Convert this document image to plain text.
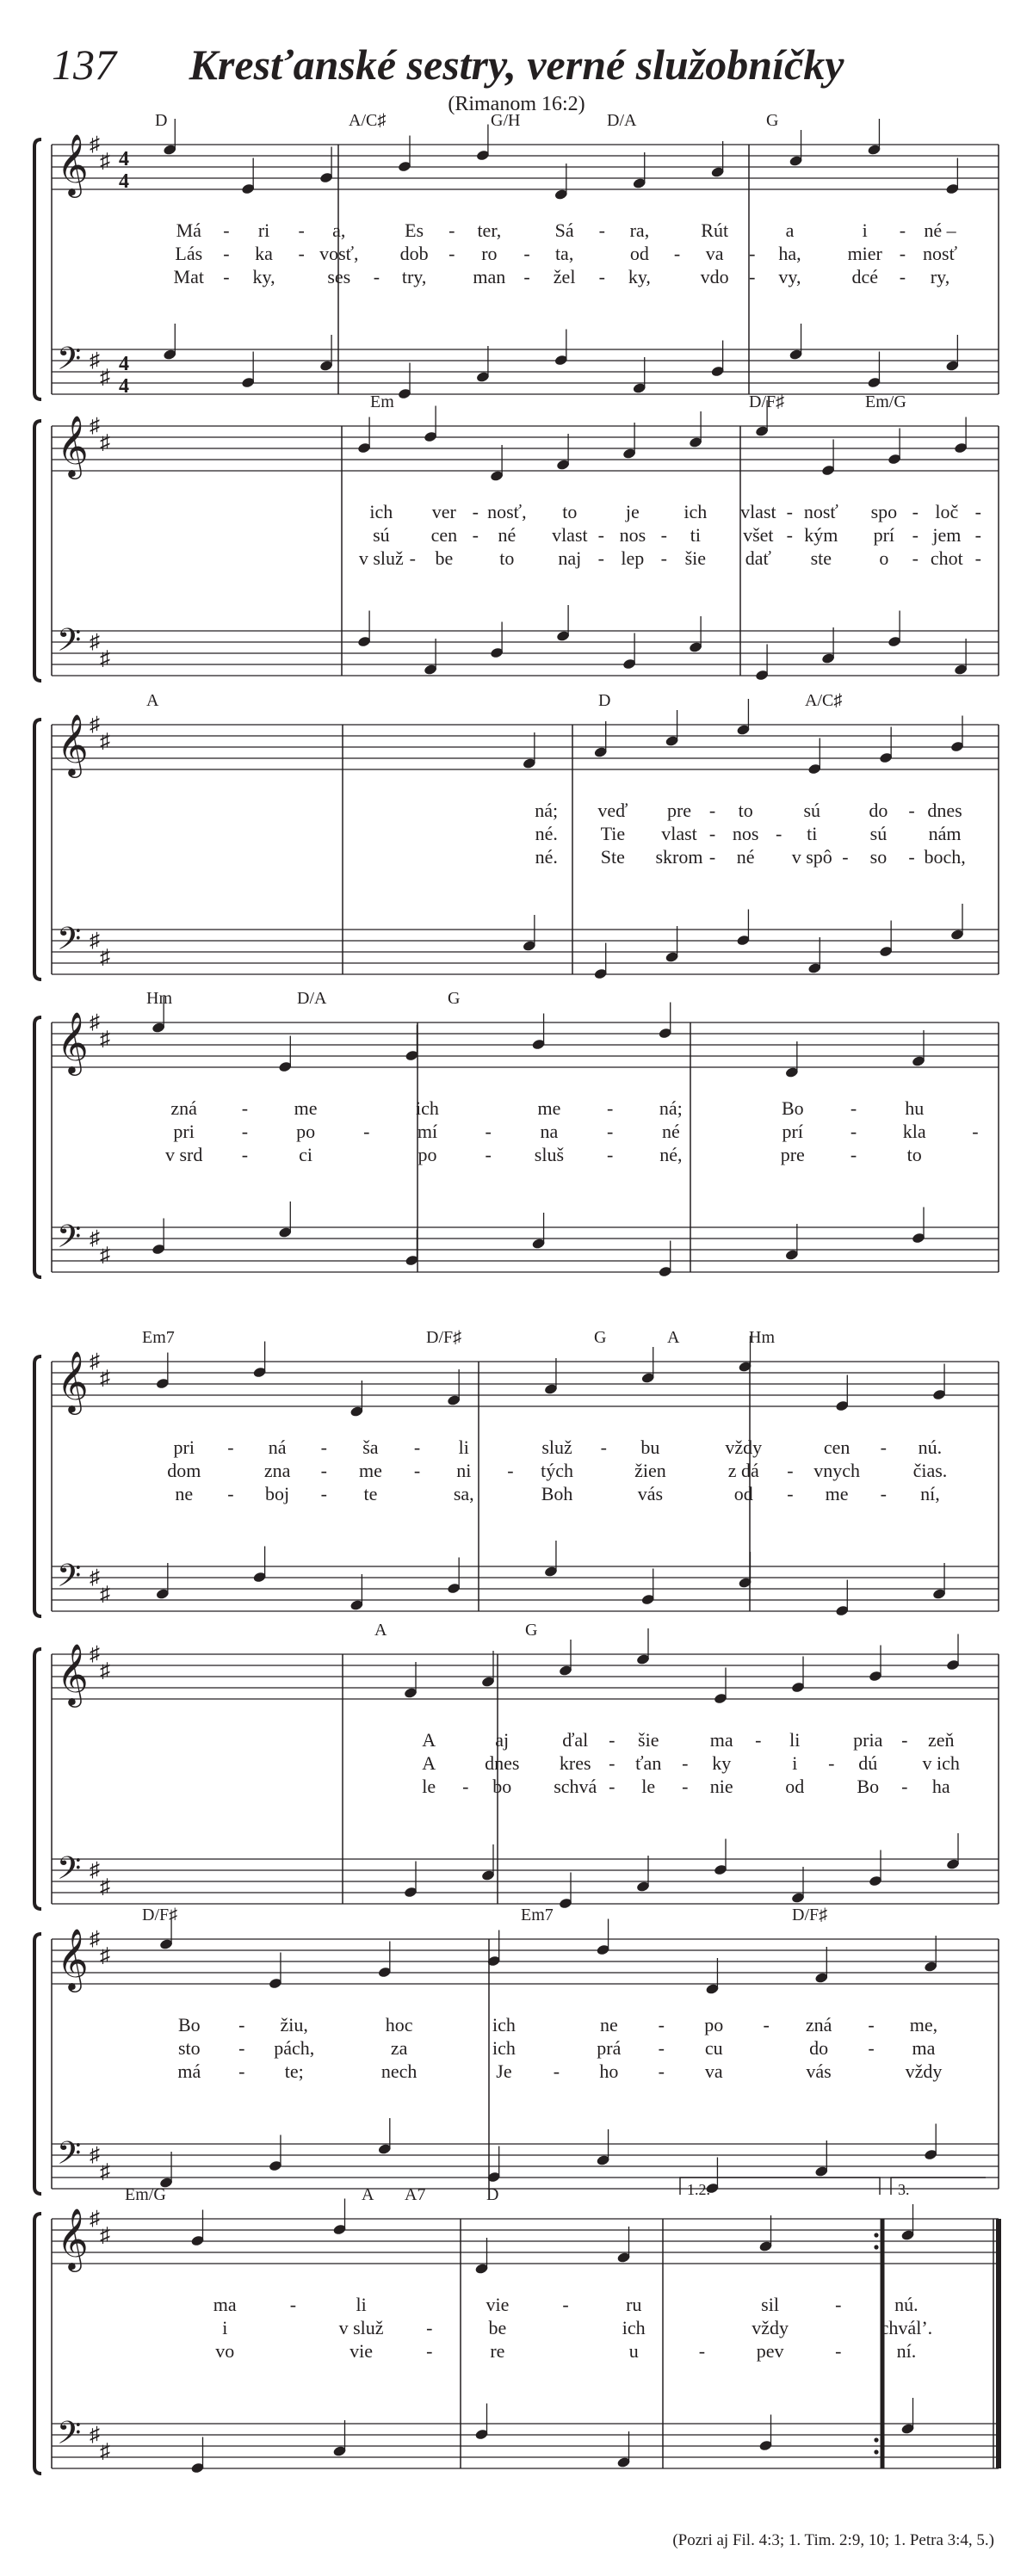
137	Kresťanské sestry, verné služobníčky
(Rimanom 16:2)
𝄞
𝄢
♯
♯
♯
♯
4
4
4
4
D	A/C♯	G/H	D/A	G
Má - ri - a,	Es - ter,	Sá - ra,	Rút	a	i - né –
Lás - ka - vosť, dob - ro - ta,	od - va - ha, mier - nosť
Mat - ky,	ses - try, man - žel - ky,	vdo - vy,	dcé - ry,
𝄞
𝄢
♯
♯
♯
♯
Em	D/F♯	Em/G
ich ver - nosť, to	je ich vlast - nosť spo - loč -
sú cen - né vlast - nos - ti všet - kým prí - jem -
v služ - be to naj - lep - šie dať ste	o - chot -
𝄞
𝄢
♯
♯
♯
♯
A	D	A/C♯
ná; veď pre - to	sú	do - dnes
né. Tie vlast - nos - ti	sú nám
né. Ste skrom - né v spô - so - boch,
𝄞
𝄢
♯
♯
♯
♯
Hm	D/A	G
zná - me	ich	me - ná;	Bo -	hu
pri -	po	-	mí	-	na	-	né	prí - kla -
v srd -	ci	po	- sluš - né,	pre -	to
𝄞
𝄢
♯
♯
♯
♯
Em7	D/F♯	G	A	Hm
pri - ná - ša - li	služ - bu	vždy	cen - nú.
dom	zna - me - ni - tých	žien	z dá - vnych	čias.
ne - boj - te	sa,	Boh	vás	od - me - ní,
𝄞
𝄢
♯
♯
♯
♯
A	G
A	aj	ďal - šie	ma - li	pria - zeň
A	dnes kres - ťan - ky	i - dú v ich
le - bo schvá - le - nie	od	Bo - ha
𝄞
𝄢
♯
♯
♯
♯
D/F♯	Em7	D/F♯
Bo - žiu,	hoc	ich	ne - po - zná - me,
sto - pách,	za	ich	prá - cu	do - ma
má - te;	nech	Je - ho - va	vás	vždy
𝄞
𝄢
♯
♯
♯
♯
1.2.	3.
Em/G	A A7	D
ma	-	li	vie	-	ru	sil	-	nú.
i	v služ -	be	ich	vždy	chvál’.
vo	vie	-	re	u	-	pev	-	ní.
(Pozri aj Fil. 4:3; 1. Tim. 2:9, 10; 1. Petra 3:4, 5.)
